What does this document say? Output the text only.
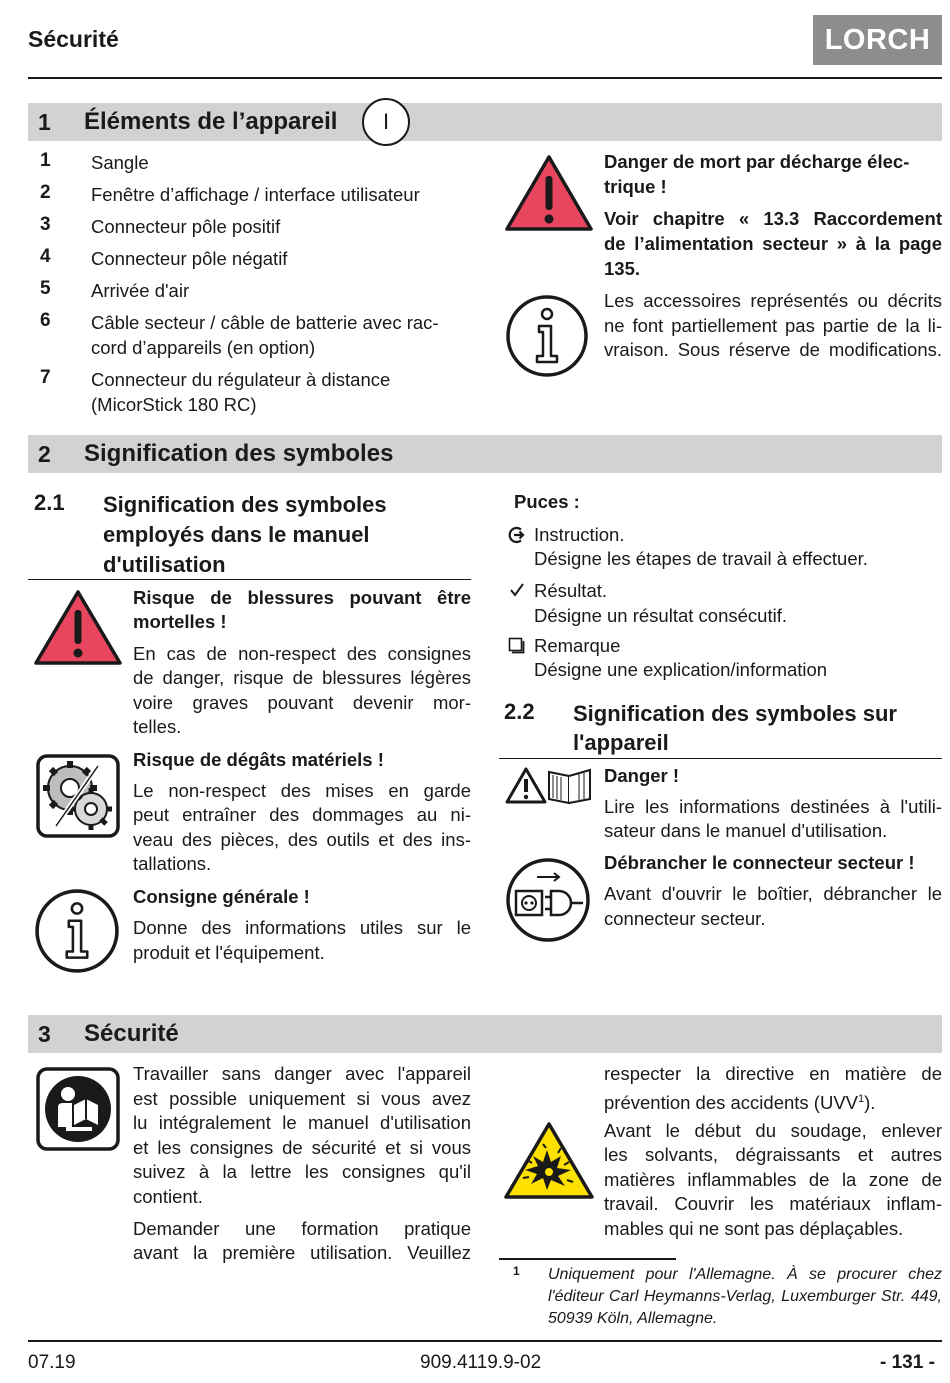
Sécurité	LORCH
1 Éléments de l’appareil	I
1 Sangle
2 Fenêtre d’affichage / interface utilisateur
3 Connecteur pôle positif
4 Connecteur pôle négatif
5 Arrivée d'air
6 Câble secteur / câble de batterie avec rac-
cord d’appareils (en option)
7 Connecteur du régulateur à distance
(MicorStick 180 RC)
Danger de mort par décharge élec-
trique !
Voir chapitre « 13.3 Raccordement
de l’alimentation secteur » à la page
135.
Les accessoires représentés ou décrits
ne font partiellement pas partie de la li-
vraison. Sous réserve de modifications.
2 Signification des symboles
2.1 Signification des symboles
employés dans le manuel
d'utilisation
Risque de blessures pouvant être
mortelles !
En cas de non-respect des consignes
de danger, risque de blessures légères
voire graves pouvant devenir mor-
telles.
Risque de dégâts matériels !
Le non-respect des mises en garde
peut entraîner des dommages au ni-
veau des pièces, des outils et des ins-
tallations.
Consigne générale !
Donne des informations utiles sur le
produit et l'équipement.
Puces :
Instruction.
Désigne les étapes de travail à effectuer.
Résultat.
Désigne un résultat consécutif.
Remarque
Désigne une explication/information
2.2 Signification des symboles sur
l'appareil
Danger !
Lire les informations destinées à l'utili-
sateur dans le manuel d'utilisation.
Débrancher le connecteur secteur !
Avant d'ouvrir le boîtier, débrancher le
connecteur secteur.
3 Sécurité
Travailler sans danger avec l'appareil
est possible uniquement si vous avez
lu intégralement le manuel d'utilisation
et les consignes de sécurité et si vous
suivez à la lettre les consignes qu'il
contient.
Demander une formation pratique
avant la première utilisation. Veuillez
respecter la directive en matière de
prévention des accidents (UVV$^1$).
Avant le début du soudage, enlever
les solvants, dégraissants et autres
matières inflammables de la zone de
travail. Couvrir les matériaux inflam-
mables qui ne sont pas déplaçables.
1 Uniquement pour l'Allemagne. À se procurer chez
l'éditeur Carl Heymanns-Verlag, Luxemburger Str. 449,
50939 Köln, Allemagne.
07.19	909.4119.9-02	- 131 -
